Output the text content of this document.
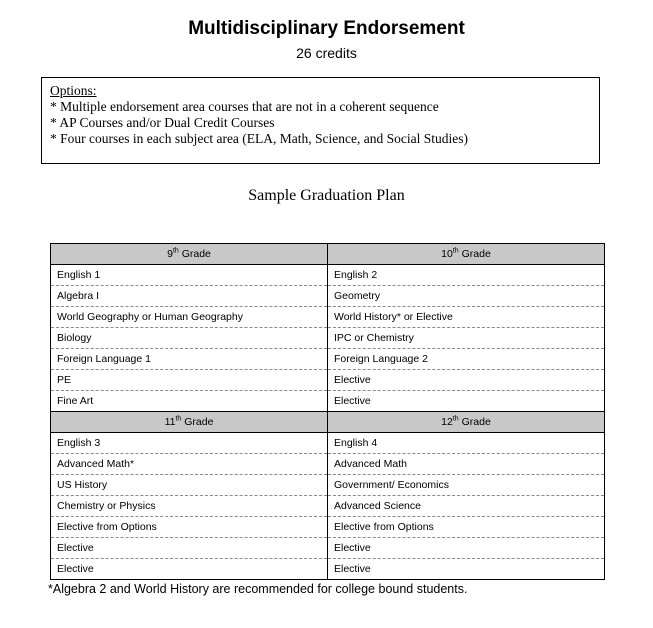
Multidisciplinary Endorsement
26 credits
Options:
* Multiple endorsement area courses that are not in a coherent sequence
* AP Courses and/or Dual Credit Courses
* Four courses in each subject area (ELA, Math, Science, and Social Studies)
Sample Graduation Plan
9th Grade	10th Grade
English 1	English 2
Algebra I	Geometry
World Geography or Human Geography	World History* or Elective
Biology	IPC or Chemistry
Foreign Language 1	Foreign Language 2
PE	Elective
Fine Art	Elective
11th Grade	12th Grade
English 3	English 4
Advanced Math*	Advanced Math
US History	Government/ Economics
Chemistry or Physics	Advanced Science
Elective from Options	Elective from Options
Elective	Elective
Elective	Elective
*Algebra 2 and World History are recommended for college bound students.
